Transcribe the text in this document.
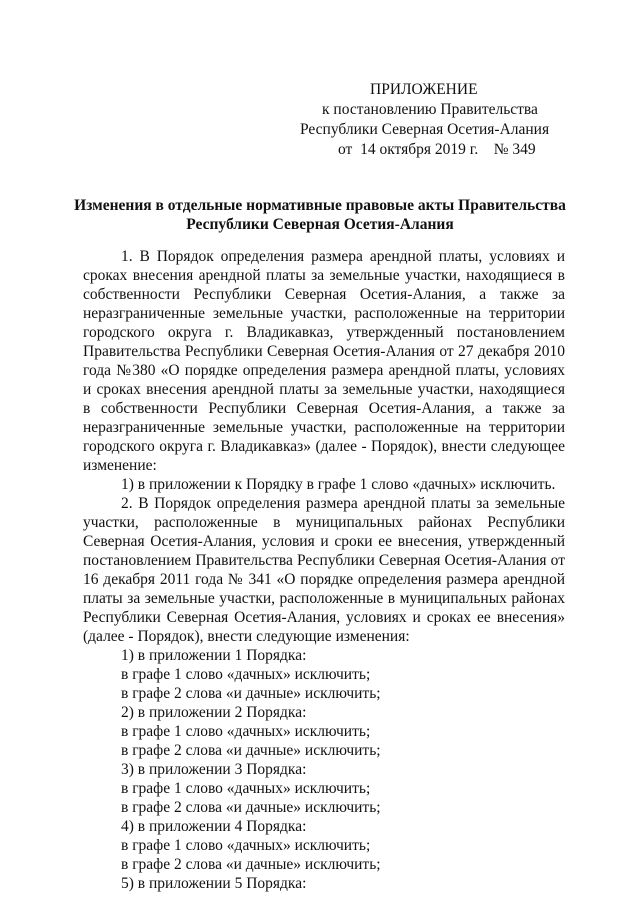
ПРИЛОЖЕНИЕ
к постановлению Правительства
Республики Северная Осетия-Алания
от  14 октября 2019 г. № 349
Изменения в отдельные нормативные правовые акты Правительства
Республики Северная Осетия-Алания

1. В Порядок определения размера арендной платы, условиях и сроках внесения арендной платы за земельные участки, находящиеся в собственности Республики Северная Осетия-Алания, а также за неразграниченные земельные участки, расположенные на территории городского округа г. Владикавказ, утвержденный постановлением Правительства Республики Северная Осетия-Алания от 27 декабря 2010 года №380 «О порядке определения размера арендной платы, условиях и сроках внесения арендной платы за земельные участки, находящиеся в собственности Республики Северная Осетия-Алания, а также за неразграниченные земельные участки, расположенные на территории городского округа г. Владикавказ» (далее - Порядок), внести следующее изменение:

1) в приложении к Порядку в графе 1 слово «дачных» исключить.

2. В Порядок определения размера арендной платы за земельные участки, расположенные в муниципальных районах Республики Северная Осетия-Алания, условия и сроки ее внесения, утвержденный постановлением Правительства Республики Северная Осетия-Алания от 16 декабря 2011 года № 341 «О порядке определения размера арендной платы за земельные участки, расположенные в муниципальных районах Республики Северная Осетия-Алания, условиях и сроках ее внесения» (далее - Порядок), внести следующие изменения:

1) в приложении 1 Порядка:

в графе 1 слово «дачных» исключить;

в графе 2 слова «и дачные» исключить;

2) в приложении 2 Порядка:

в графе 1 слово «дачных» исключить;

в графе 2 слова «и дачные» исключить;

3) в приложении 3 Порядка:

в графе 1 слово «дачных» исключить;

в графе 2 слова «и дачные» исключить;

4) в приложении 4 Порядка:

в графе 1 слово «дачных» исключить;

в графе 2 слова «и дачные» исключить;

5) в приложении 5 Порядка:
